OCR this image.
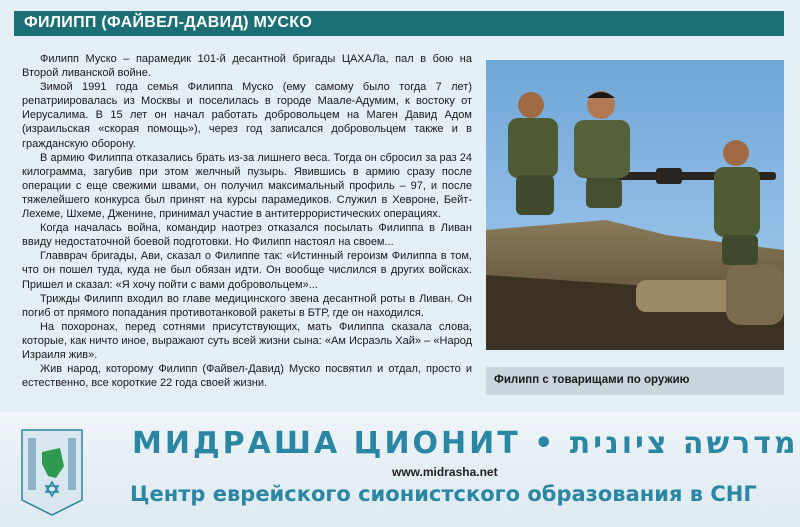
ФИЛИПП (ФАЙВЕЛ-ДАВИД) МУСКО

Филипп Муско – парамедик 101-й десантной бригады ЦАХАЛа, пал в бою на Второй ливанской войне.

Зимой 1991 года семья Филиппа Муско (ему самому было тогда 7 лет) репатриировалась из Москвы и поселилась в городе Маале-Адумим, к востоку от Иерусалима. В 15 лет он начал работать добровольцем на Маген Давид Адом (израильская «скорая помощь»), через год записался добровольцем также и в гражданскую оборону.

В армию Филиппа отказались брать из-за лишнего веса. Тогда он сбросил за раз 24 килограмма, загубив при этом желчный пузырь. Явившись в армию сразу после операции с еще свежими швами, он получил максимальный профиль – 97, и после тяжелейшего конкурса был принят на курсы парамедиков. Служил в Хевроне, Бейт-Лехеме, Шхеме, Дженине, принимал участие в антитеррористических операциях.

Когда началась война, командир наотрез отказался посылать Филиппа в Ливан ввиду недостаточной боевой подготовки. Но Филипп настоял на своем...

Главврач бригады, Ави, сказал о Филиппе так: «Истинный героизм Филиппа в том, что он пошел туда, куда не был обязан идти. Он вообще числился в других войсках. Пришел и сказал: «Я хочу пойти с вами добровольцем»...

Трижды Филипп входил во главе медицинского звена десантной роты в Ливан. Он погиб от прямого попадания противотанковой ракеты в БТР, где он находился.

На похоронах, перед сотнями присутствующих, мать Филиппа сказала слова, которые, как ничто иное, выражают суть всей жизни сына: «Ам Исраэль Хай» – «Народ Израиля жив».

Жив народ, которому Филипп (Файвел-Давид) Муско посвятил и отдал, просто и естественно, все короткие 22 года своей жизни.	Филипп с товарищами по оружию
МИДРАША ЦИОНИТ • מדרשה ציונית
www.midrasha.net
Центр еврейского сионистского образования в СНГ
